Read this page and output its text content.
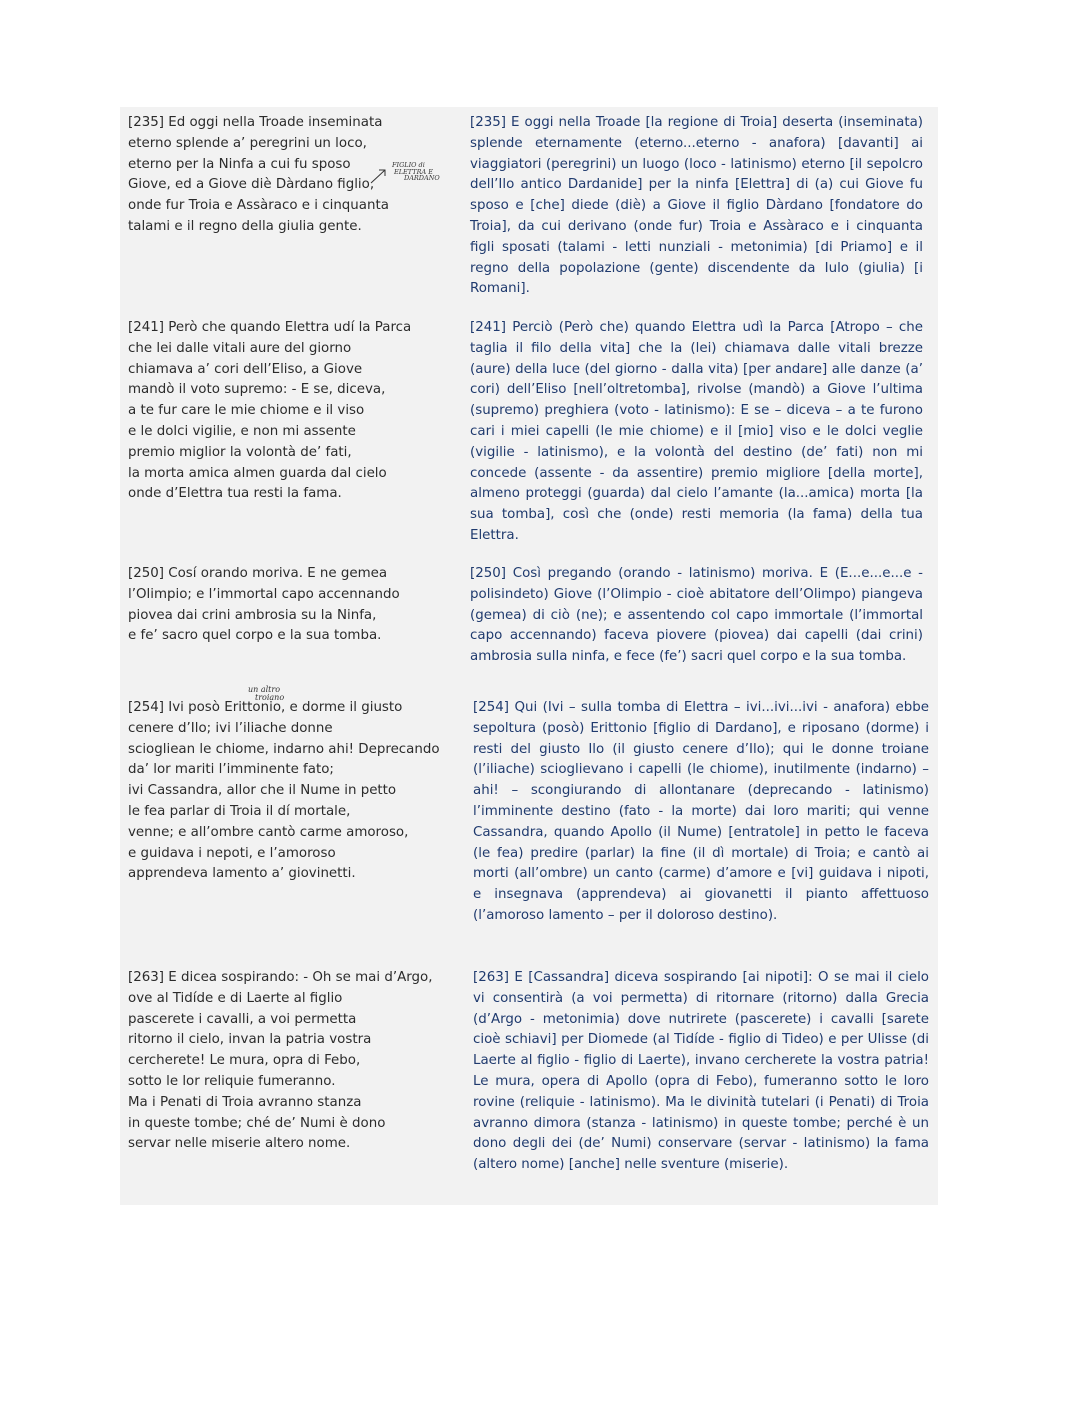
[235] Ed oggi nella Troade inseminata
eterno splende a’ peregrini un loco,
eterno per la Ninfa a cui fu sposo
Giove, ed a Giove diè Dàrdano figlio,
onde fur Troia e Assàraco e i cinquanta
talami e il regno della giulia gente.
[241] Però che quando Elettra udí la Parca
che lei dalle vitali aure del giorno
chiamava a’ cori dell’Eliso, a Giove
mandò il voto supremo: - E se, diceva,
a te fur care le mie chiome e il viso
e le dolci vigilie, e non mi assente
premio miglior la volontà de’ fati,
la morta amica almen guarda dal cielo
onde d’Elettra tua resti la fama.
[250] Cosí orando moriva. E ne gemea
l’Olimpio; e l’immortal capo accennando
piovea dai crini ambrosia su la Ninfa,
e fe’ sacro quel corpo e la sua tomba.
[254] Ivi posò Erittonio, e dorme il giusto
cenere d’Ilo; ivi l’iliache donne
sciogliean le chiome, indarno ahi! Deprecando
da’ lor mariti l’imminente fato;
ivi Cassandra, allor che il Nume in petto
le fea parlar di Troia il dí mortale,
venne; e all’ombre cantò carme amoroso,
e guidava i nepoti, e l’amoroso
apprendeva lamento a’ giovinetti.
[263] E dicea sospirando: - Oh se mai d’Argo,
ove al Tidíde e di Laerte al figlio
pascerete i cavalli, a voi permetta
ritorno il cielo, invan la patria vostra
cercherete! Le mura, opra di Febo,
sotto le lor reliquie fumeranno.
Ma i Penati di Troia avranno stanza
in queste tombe; ché de’ Numi è dono
servar nelle miserie altero nome.
[235] E oggi nella Troade [la regione di Troia] deserta (inseminata) splende eternamente (eterno...eterno - anafora) [davanti] ai viaggiatori (peregrini) un luogo (loco - latinismo) eterno [il sepolcro dell’Ilo antico Dardanide] per la ninfa [Elettra] di (a) cui Giove fu sposo e [che] diede (diè) a Giove il figlio Dàrdano [fondatore do Troia], da cui derivano (onde fur) Troia e Assàraco e i cinquanta figli sposati (talami - letti nunziali - metonimia) [di Priamo] e il regno della popolazione (gente) discendente da Iulo (giulia) [i Romani].
[241] Perciò (Però che) quando Elettra udì la Parca [Atropo – che taglia il filo della vita] che la (lei) chiamava dalle vitali brezze (aure) della luce (del giorno - dalla vita) [per andare] alle danze (a’ cori) dell’Eliso [nell’oltretomba], rivolse (mandò) a Giove l’ultima (supremo) preghiera (voto - latinismo): E se – diceva – a te furono cari i miei capelli (le mie chiome) e il [mio] viso e le dolci veglie (vigilie - latinismo), e la volontà del destino (de’ fati) non mi concede (assente - da assentire) premio migliore [della morte], almeno proteggi (guarda) dal cielo l’amante (la...amica) morta [la sua tomba], così che (onde) resti memoria (la fama) della tua Elettra.
[250] Così pregando (orando - latinismo) moriva. E (E...e...e...e - polisindeto) Giove (l’Olimpio - cioè abitatore dell’Olimpo) piangeva (gemea) di ciò (ne); e assentendo col capo immortale (l’immortal capo accennando) faceva piovere (piovea) dai capelli (dai crini) ambrosia sulla ninfa, e fece (fe’) sacri quel corpo e la sua tomba.
[254] Qui (Ivi – sulla tomba di Elettra – ivi...ivi...ivi - anafora) ebbe sepoltura (posò) Erittonio [figlio di Dardano], e riposano (dorme) i resti del giusto Ilo (il giusto cenere d’Ilo); qui le donne troiane (l’iliache) scioglievano i capelli (le chiome), inutilmente (indarno) – ahi! – scongiurando di allontanare (deprecando - latinismo) l’imminente destino (fato - la morte) dai loro mariti; qui venne Cassandra, quando Apollo (il Nume) [entratole] in petto le faceva (le fea) predire (parlar) la fine (il dì mortale) di Troia; e cantò ai morti (all’ombre) un canto (carme) d’amore e [vi] guidava i nipoti, e insegnava (apprendeva) ai giovanetti il pianto affettuoso (l’amoroso lamento – per il doloroso destino).
[263] E [Cassandra] diceva sospirando [ai nipoti]: O se mai il cielo vi consentirà (a voi permetta) di ritornare (ritorno) dalla Grecia (d’Argo - metonimia) dove nutrirete (pascerete) i cavalli [sarete cioè schiavi] per Diomede (al Tidíde - figlio di Tideo) e per Ulisse (di Laerte al figlio - figlio di Laerte), invano cercherete la vostra patria! Le mura, opera di Apollo (opra di Febo), fumeranno sotto le loro rovine (reliquie - latinismo). Ma le divinità tutelari (i Penati) di Troia avranno dimora (stanza - latinismo) in queste tombe; perché è un dono degli dei (de’ Numi) conservare (servar - latinismo) la fama (altero nome) [anche] nelle sventure (miserie).
FIGLIO di
ELETTRA E
DARDANO
un altro
troiano
